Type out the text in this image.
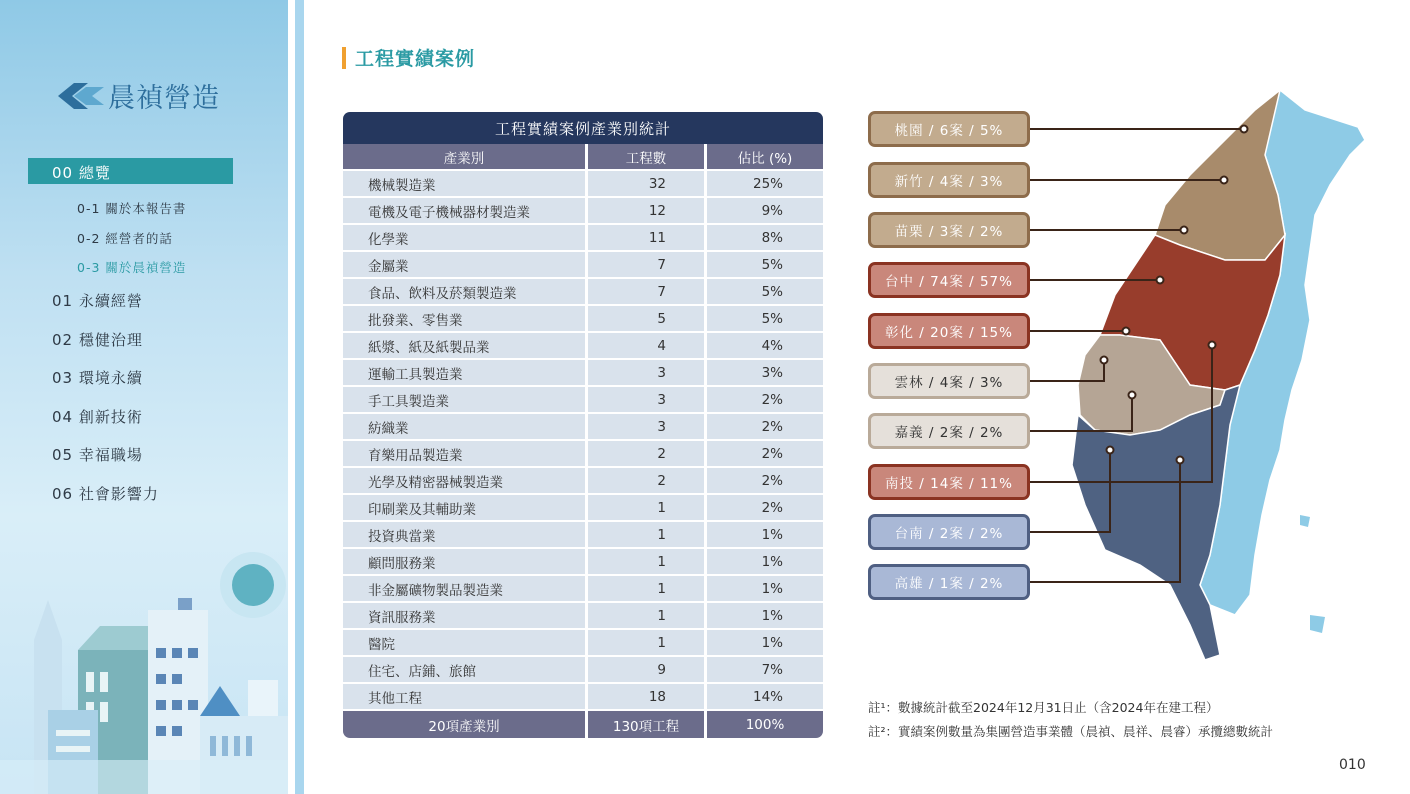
晨禎營造
00 總覽
0-1 關於本報告書
0-2 經營者的話
0-3 關於晨禎營造
01 永續經營
02 穩健治理
03 環境永續
04 創新技術
05 幸福職場
06 社會影響力
工程實績案例
工程實績案例產業別統計
產業別	工程數	佔比 (%)
機械製造業	32	25%
電機及電子機械器材製造業	12	9%
化學業	11	8%
金屬業	7	5%
食品、飲料及菸類製造業	7	5%
批發業、零售業	5	5%
紙漿、紙及紙製品業	4	4%
運輸工具製造業	3	3%
手工具製造業	3	2%
紡織業	3	2%
育樂用品製造業	2	2%
光學及精密器械製造業	2	2%
印刷業及其輔助業	1	2%
投資典當業	1	1%
顧問服務業	1	1%
非金屬礦物製品製造業	1	1%
資訊服務業	1	1%
醫院	1	1%
住宅、店鋪、旅館	9	7%
其他工程	18	14%
20項產業別	130項工程	100%
桃園 / 6案 / 5%
新竹 / 4案 / 3%
苗栗 / 3案 / 2%
台中 / 74案 / 57%
彰化 / 20案 / 15%
雲林 / 4案 / 3%
嘉義 / 2案 / 2%
南投 / 14案 / 11%
台南 / 2案 / 2%
高雄 / 1案 / 2%
註¹：數據統計截至2024年12月31日止（含2024年在建工程）
註²：實績案例數量為集團營造事業體（晨禎、晨祥、晨睿）承攬總數統計
010
